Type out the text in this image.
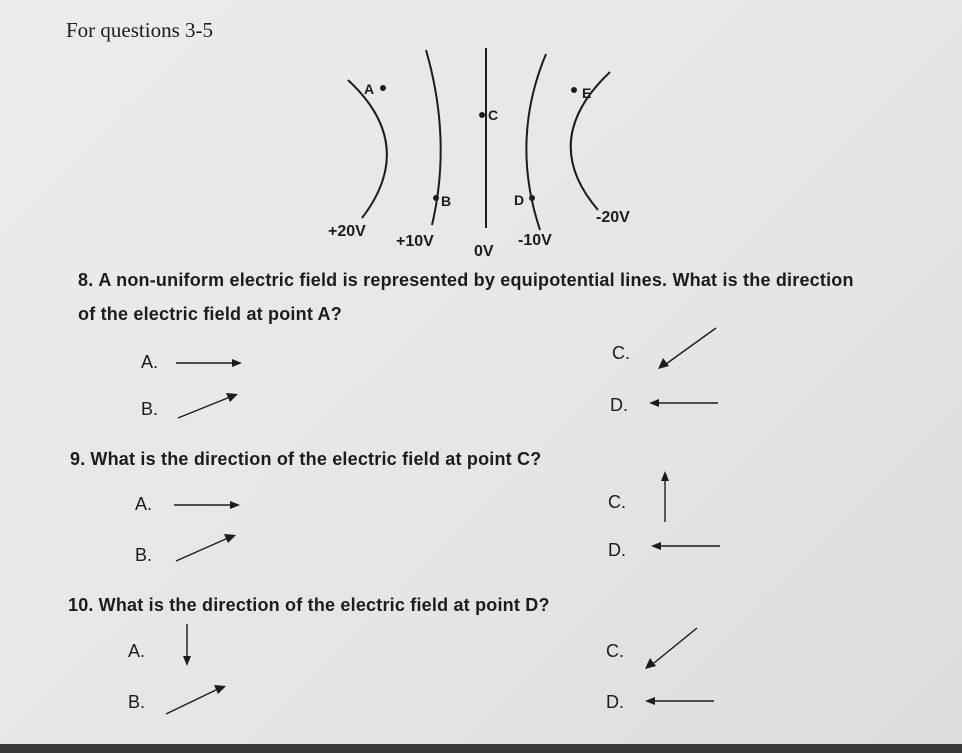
For questions 3-5
A
B
C
D
E
+20V
+10V
0V
-10V
-20V
8. A non-uniform electric field is represented by equipotential lines. What is the direction
of the electric field at point A?
A.
B.
C.
D.
9. What is the direction of the electric field at point C?
A.
B.
C.
D.
10. What is the direction of the electric field at point D?
A.
B.
C.
D.
